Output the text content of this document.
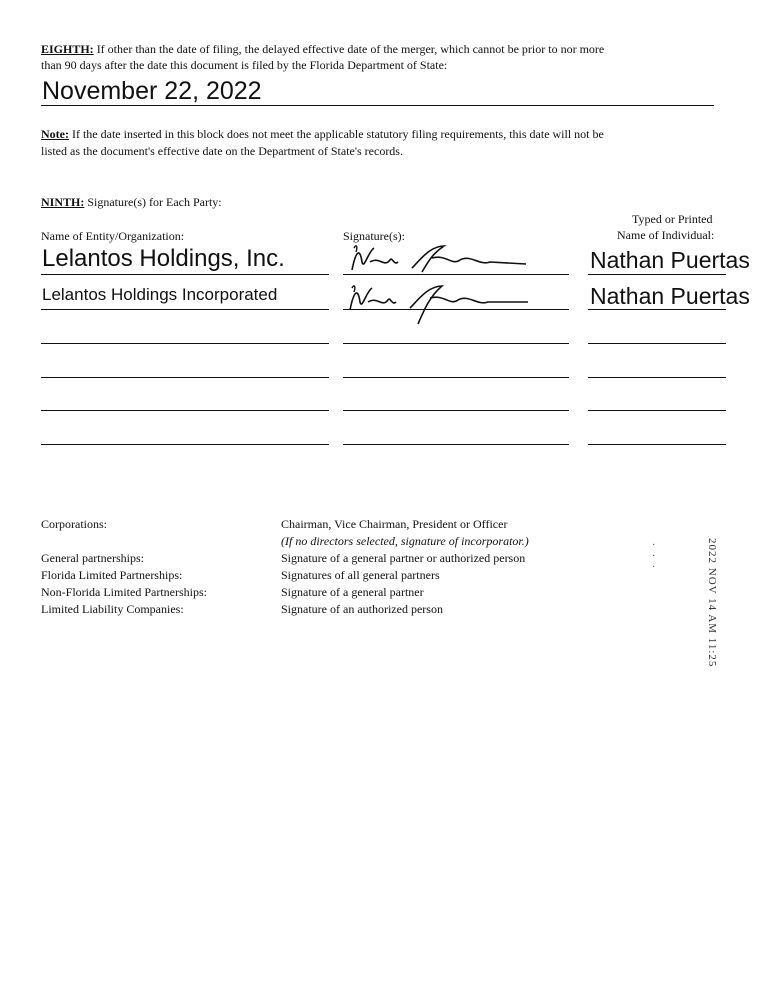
EIGHTH: If other than the date of filing, the delayed effective date of the merger, which cannot be prior to nor more
than 90 days after the date this document is filed by the Florida Department of State:
November 22, 2022
Note: If the date inserted in this block does not meet the applicable statutory filing requirements, this date will not be
listed as the document's effective date on the Department of State's records.
NINTH: Signature(s) for Each Party:
Name of Entity/Organization:	Signature(s):
Typed or Printed
Name of Individual:
Lelantos Holdings, Inc.	Nathan Puertas
Lelantos Holdings Incorporated	Nathan Puertas
Corporations:	Chairman, Vice Chairman, President or Officer
(If no directors selected, signature of incorporator.)
General partnerships:	Signature of a general partner or authorized person
Florida Limited Partnerships:	Signatures of all general partners
Non-Florida Limited Partnerships:	Signature of a general partner
Limited Liability Companies:	Signature of an authorized person	2022 NOV 14 AM 11:25
·
·
·
